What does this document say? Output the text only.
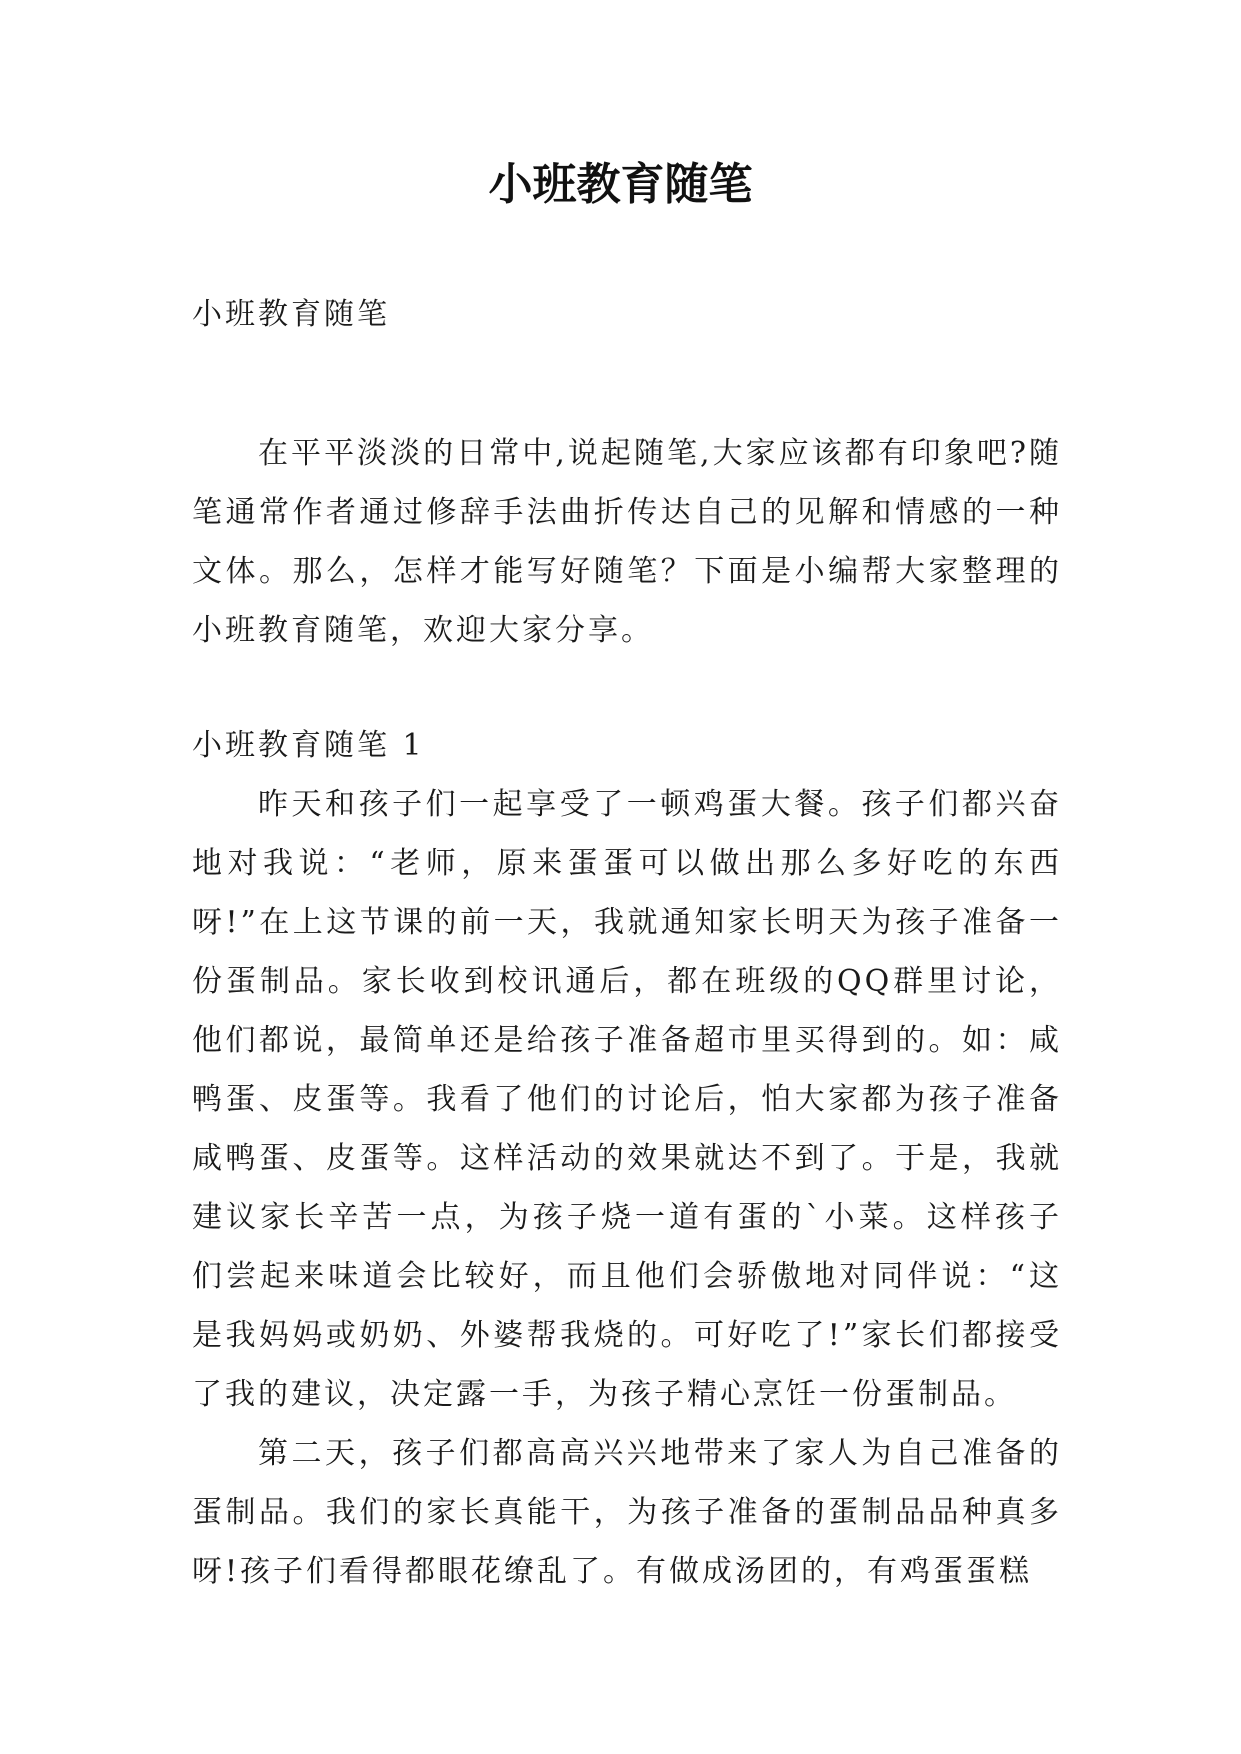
小班教育随笔

小班教育随笔

在平平淡淡的日常中,说起随笔,大家应该都有印象吧?随笔通常作者通过修辞手法曲折传达自己的见解和情感的一种文体。那么，怎样才能写好随笔？下面是小编帮大家整理的小班教育随笔，欢迎大家分享。

小班教育随笔 1

昨天和孩子们一起享受了一顿鸡蛋大餐。孩子们都兴奋地对我说：“老师，原来蛋蛋可以做出那么多好吃的东西呀!”在上这节课的前一天，我就通知家长明天为孩子准备一份蛋制品。家长收到校讯通后，都在班级的QQ群里讨论，他们都说，最简单还是给孩子准备超市里买得到的。如：咸鸭蛋、皮蛋等。我看了他们的讨论后，怕大家都为孩子准备咸鸭蛋、皮蛋等。这样活动的效果就达不到了。于是，我就建议家长辛苦一点，为孩子烧一道有蛋的`小菜。这样孩子们尝起来味道会比较好，而且他们会骄傲地对同伴说：“这是我妈妈或奶奶、外婆帮我烧的。可好吃了!”家长们都接受了我的建议，决定露一手，为孩子精心烹饪一份蛋制品。

第二天，孩子们都高高兴兴地带来了家人为自己准备的蛋制品。我们的家长真能干，为孩子准备的蛋制品品种真多呀!孩子们看得都眼花缭乱了。有做成汤团的，有鸡蛋蛋糕
